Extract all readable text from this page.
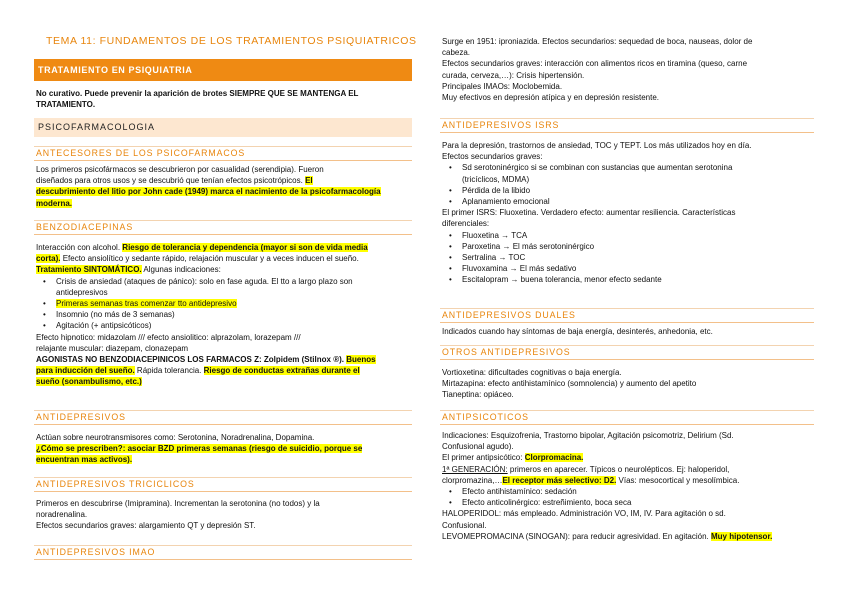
TEMA 11: FUNDAMENTOS DE LOS TRATAMIENTOS PSIQUIATRICOS
TRATAMIENTO EN PSIQUIATRIA
No curativo. Puede prevenir la aparición de brotes SIEMPRE QUE SE MANTENGA EL
TRATAMIENTO.
PSICOFARMACOLOGIA
ANTECESORES DE LOS PSICOFARMACOS
Los primeros psicofármacos se descubrieron por casualidad (serendipia). Fueron
diseñados para otros usos y se descubrió que tenían efectos psicotrópicos. El
descubrimiento del litio por John cade (1949) marca el nacimiento de la psicofarmacología
moderna.
BENZODIACEPINAS
Interacción con alcohol. Riesgo de tolerancia y dependencia (mayor si son de vida media
corta). Efecto ansiolítico y sedante rápido, relajación muscular y a veces inducen el sueño.
Tratamiento SINTOMÁTICO. Algunas indicaciones:
• Crisis de ansiedad (ataques de pánico): solo en fase aguda. El tto a largo plazo son
antidepresivos
• Primeras semanas tras comenzar tto antidepresivo
• Insomnio (no más de 3 semanas)
• Agitación (+ antipsicóticos)
Efecto hipnotico: midazolam /// efecto ansiolitico: alprazolam, lorazepam ///
relajante muscular: diazepam, clonazepam
AGONISTAS NO BENZODIACEPINICOS LOS FARMACOS Z: Zolpidem (Stilnox ®). Buenos
para inducción del sueño. Rápida tolerancia. Riesgo de conductas extrañas durante el
sueño (sonambulismo, etc.)
ANTIDEPRESIVOS
Actúan sobre neurotransmisores como: Serotonina, Noradrenalina, Dopamina.
¿Cómo se prescriben?: asociar BZD primeras semanas (riesgo de suicidio, porque se
encuentran mas activos).
ANTIDEPRESIVOS TRICICLICOS
Primeros en descubrirse (Imipramina). Incrementan la serotonina (no todos) y la
noradrenalina.
Efectos secundarios graves: alargamiento QT y depresión ST.
ANTIDEPRESIVOS IMAO
Surge en 1951: iproniazida. Efectos secundarios: sequedad de boca, nauseas, dolor de
cabeza.
Efectos secundarios graves: interacción con alimentos ricos en tiramina (queso, carne
curada, cerveza,…): Crisis hipertensión.
Principales IMAOs: Moclobemida.
Muy efectivos en depresión atípica y en depresión resistente.
ANTIDEPRESIVOS ISRS
Para la depresión, trastornos de ansiedad, TOC y TEPT. Los más utilizados hoy en día.
Efectos secundarios graves:
• Sd serotoninérgico si se combinan con sustancias que aumentan serotonina
(tricíclicos, MDMA)
• Pérdida de la libido
• Aplanamiento emocional
El primer ISRS: Fluoxetina. Verdadero efecto: aumentar resiliencia. Características
diferenciales:
• Fluoxetina → TCA
• Paroxetina → El más serotoninérgico
• Sertralina → TOC
• Fluvoxamina → El más sedativo
• Escitalopram → buena tolerancia, menor efecto sedante
ANTIDEPRESIVOS DUALES
Indicados cuando hay síntomas de baja energía, desinterés, anhedonia, etc.
OTROS ANTIDEPRESIVOS
Vortioxetina: dificultades cognitivas o baja energía.
Mirtazapina: efecto antihistamínico (somnolencia) y aumento del apetito
Tianeptina: opiáceo.
ANTIPSICOTICOS
Indicaciones: Esquizofrenia, Trastorno bipolar, Agitación psicomotriz, Delirium (Sd.
Confusional agudo).
El primer antipsicótico: Clorpromacina.
1ª GENERACIÓN: primeros en aparecer. Típicos o neurolépticos. Ej: haloperidol,
clorpromazina,…El receptor más selectivo: D2. Vías: mesocortical y mesolímbica.
• Efecto antihistamínico: sedación
• Efecto anticolinérgico: estreñimiento, boca seca
HALOPERIDOL: más empleado. Administración VO, IM, IV. Para agitación o sd.
Confusional.
LEVOMEPROMACINA (SINOGAN): para reducir agresividad. En agitación. Muy hipotensor.
